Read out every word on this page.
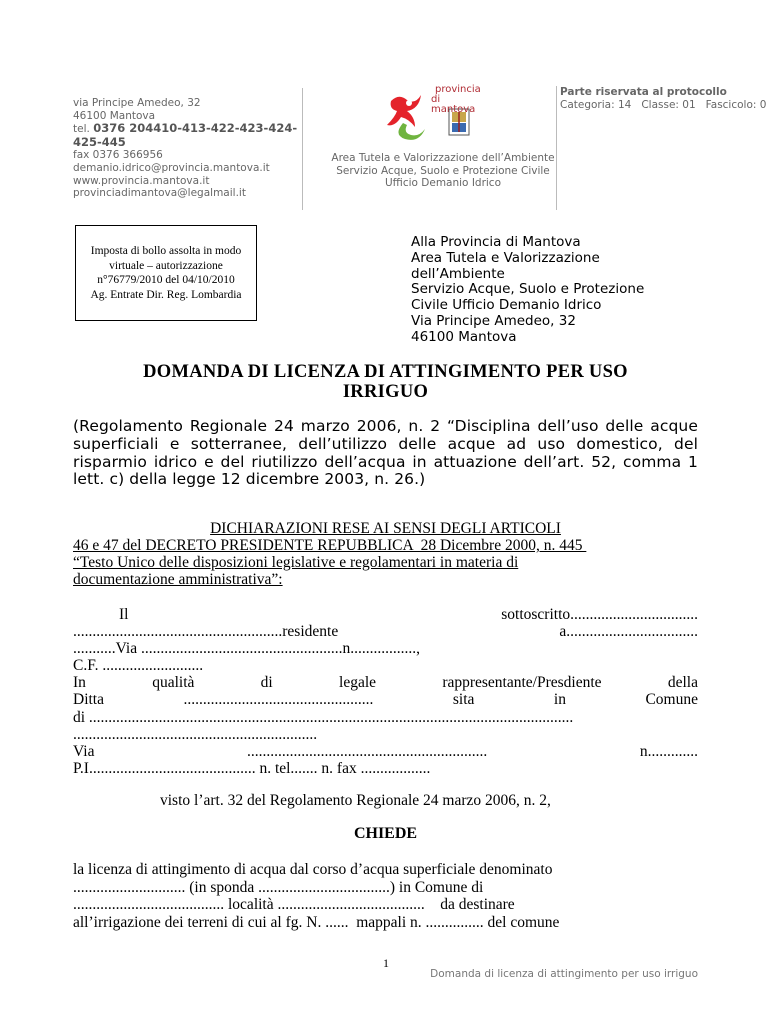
via Principe Amedeo, 32
46100 Mantova
tel. 0376 204410-413-422-423-424-425-445
fax 0376 366956
demanio.idrico@provincia.mantova.it
www.provincia.mantova.it
provinciadimantova@legalmail.it
provincia
di mantova
Area Tutela e Valorizzazione dell’Ambiente
Servizio Acque, Suolo e Protezione Civile
Ufficio Demanio Idrico
Parte riservata al protocollo
Categoria: 14   Classe: 01   Fascicolo: 0
Imposta di bollo assolta in modo
virtuale – autorizzazione
n°76779/2010 del 04/10/2010
Ag. Entrate Dir. Reg. Lombardia
Alla Provincia di Mantova
Area Tutela e Valorizzazione
dell’Ambiente
Servizio Acque, Suolo e Protezione
Civile Ufficio Demanio Idrico
Via Principe Amedeo, 32
46100 Mantova
DOMANDA DI LICENZA DI ATTINGIMENTO PER USO
IRRIGUO
(Regolamento Regionale 24 marzo 2006, n. 2 “Disciplina dell’uso delle acque superficiali e sotterranee, dell’utilizzo delle acque ad uso domestico, del risparmio idrico e del riutilizzo dell’acqua in attuazione dell’art. 52, comma 1 lett. c) della legge 12 dicembre 2003, n. 26.)
DICHIARAZIONI RESE AI SENSI DEGLI ARTICOLI
46 e 47 del DECRETO PRESIDENTE REPUBBLICA  28 Dicembre 2000, n. 445
“Testo Unico delle disposizioni legislative e regolamentari in materia di
documentazione amministrativa”:
Il	sottoscritto.................................
......................................................residente	a..................................
...........Via ....................................................n.................,
C.F. ..........................
In	qualità	di	legale	rappresentante/Presdiente	della
Ditta	.................................................	sita	in	Comune
di .............................................................................................................................
...............................................................
Via	..............................................................	n.............
P.I........................................... n. tel....... n. fax ..................
visto l’art. 32 del Regolamento Regionale 24 marzo 2006, n. 2,
CHIEDE
la licenza di attingimento di acqua dal corso d’acqua superficiale denominato
............................. (in sponda ..................................) in Comune di
....................................... località ......................................    da destinare
all’irrigazione dei terreni di cui al fg. N. ......  mappali n. ............... del comune
1
Domanda di licenza di attingimento per uso irriguo
